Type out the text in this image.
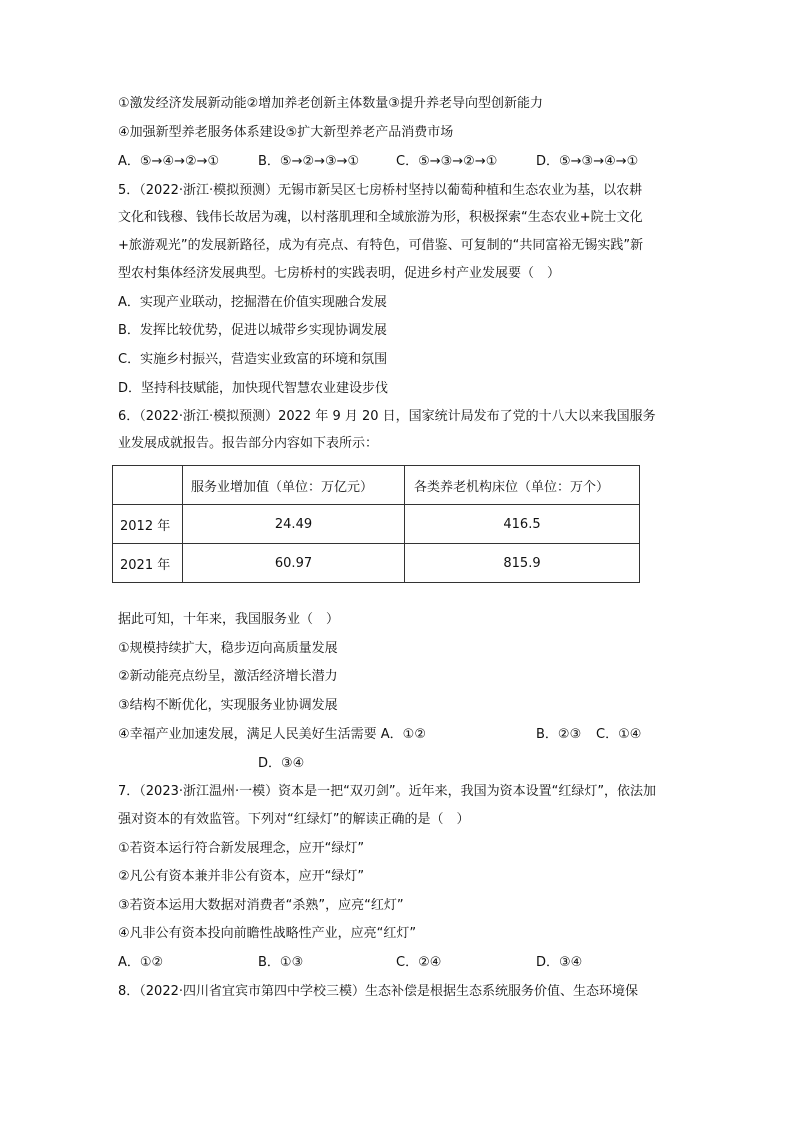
①激发经济发展新动能②增加养老创新主体数量③提升养老导向型创新能力
④加强新型养老服务体系建设⑤扩大新型养老产品消费市场
A．⑤→④→②→①	B．⑤→②→③→①	C．⑤→③→②→①	D．⑤→③→④→①
5．（2022·浙江·模拟预测）无锡市新吴区七房桥村坚持以葡萄种植和生态农业为基，以农耕
文化和钱穆、钱伟长故居为魂，以村落肌理和全域旅游为形，积极探索“生态农业+院士文化
+旅游观光”的发展新路径，成为有亮点、有特色，可借鉴、可复制的“共同富裕无锡实践”新
型农村集体经济发展典型。七房桥村的实践表明，促进乡村产业发展要（　）
A．实现产业联动，挖掘潜在价值实现融合发展
B．发挥比较优势，促进以城带乡实现协调发展
C．实施乡村振兴，营造实业致富的环境和氛围
D．坚持科技赋能，加快现代智慧农业建设步伐
6．（2022·浙江·模拟预测）2022 年 9 月 20 日，国家统计局发布了党的十八大以来我国服务
业发展成就报告。报告部分内容如下表所示：
	服务业增加值（单位：万亿元）	各类养老机构床位（单位：万个）
2012 年	24.49	416.5
2021 年	60.97	815.9
据此可知，十年来，我国服务业（　）
①规模持续扩大，稳步迈向高质量发展
②新动能亮点纷呈，激活经济增长潜力
③结构不断优化，实现服务业协调发展
④幸福产业加速发展，满足人民美好生活需要 A．①②	B．②③ C．①④
D．③④
7．（2023·浙江温州·一模）资本是一把“双刃剑”。近年来，我国为资本设置“红绿灯”，依法加
强对资本的有效监管。下列对“红绿灯”的解读正确的是（　）
①若资本运行符合新发展理念，应开“绿灯”
②凡公有资本兼并非公有资本，应开“绿灯”
③若资本运用大数据对消费者“杀熟”，应亮“红灯”
④凡非公有资本投向前瞻性战略性产业，应亮“红灯”
A．①②	B．①③	C．②④	D．③④
8．（2022·四川省宜宾市第四中学校三模）生态补偿是根据生态系统服务价值、生态环境保
